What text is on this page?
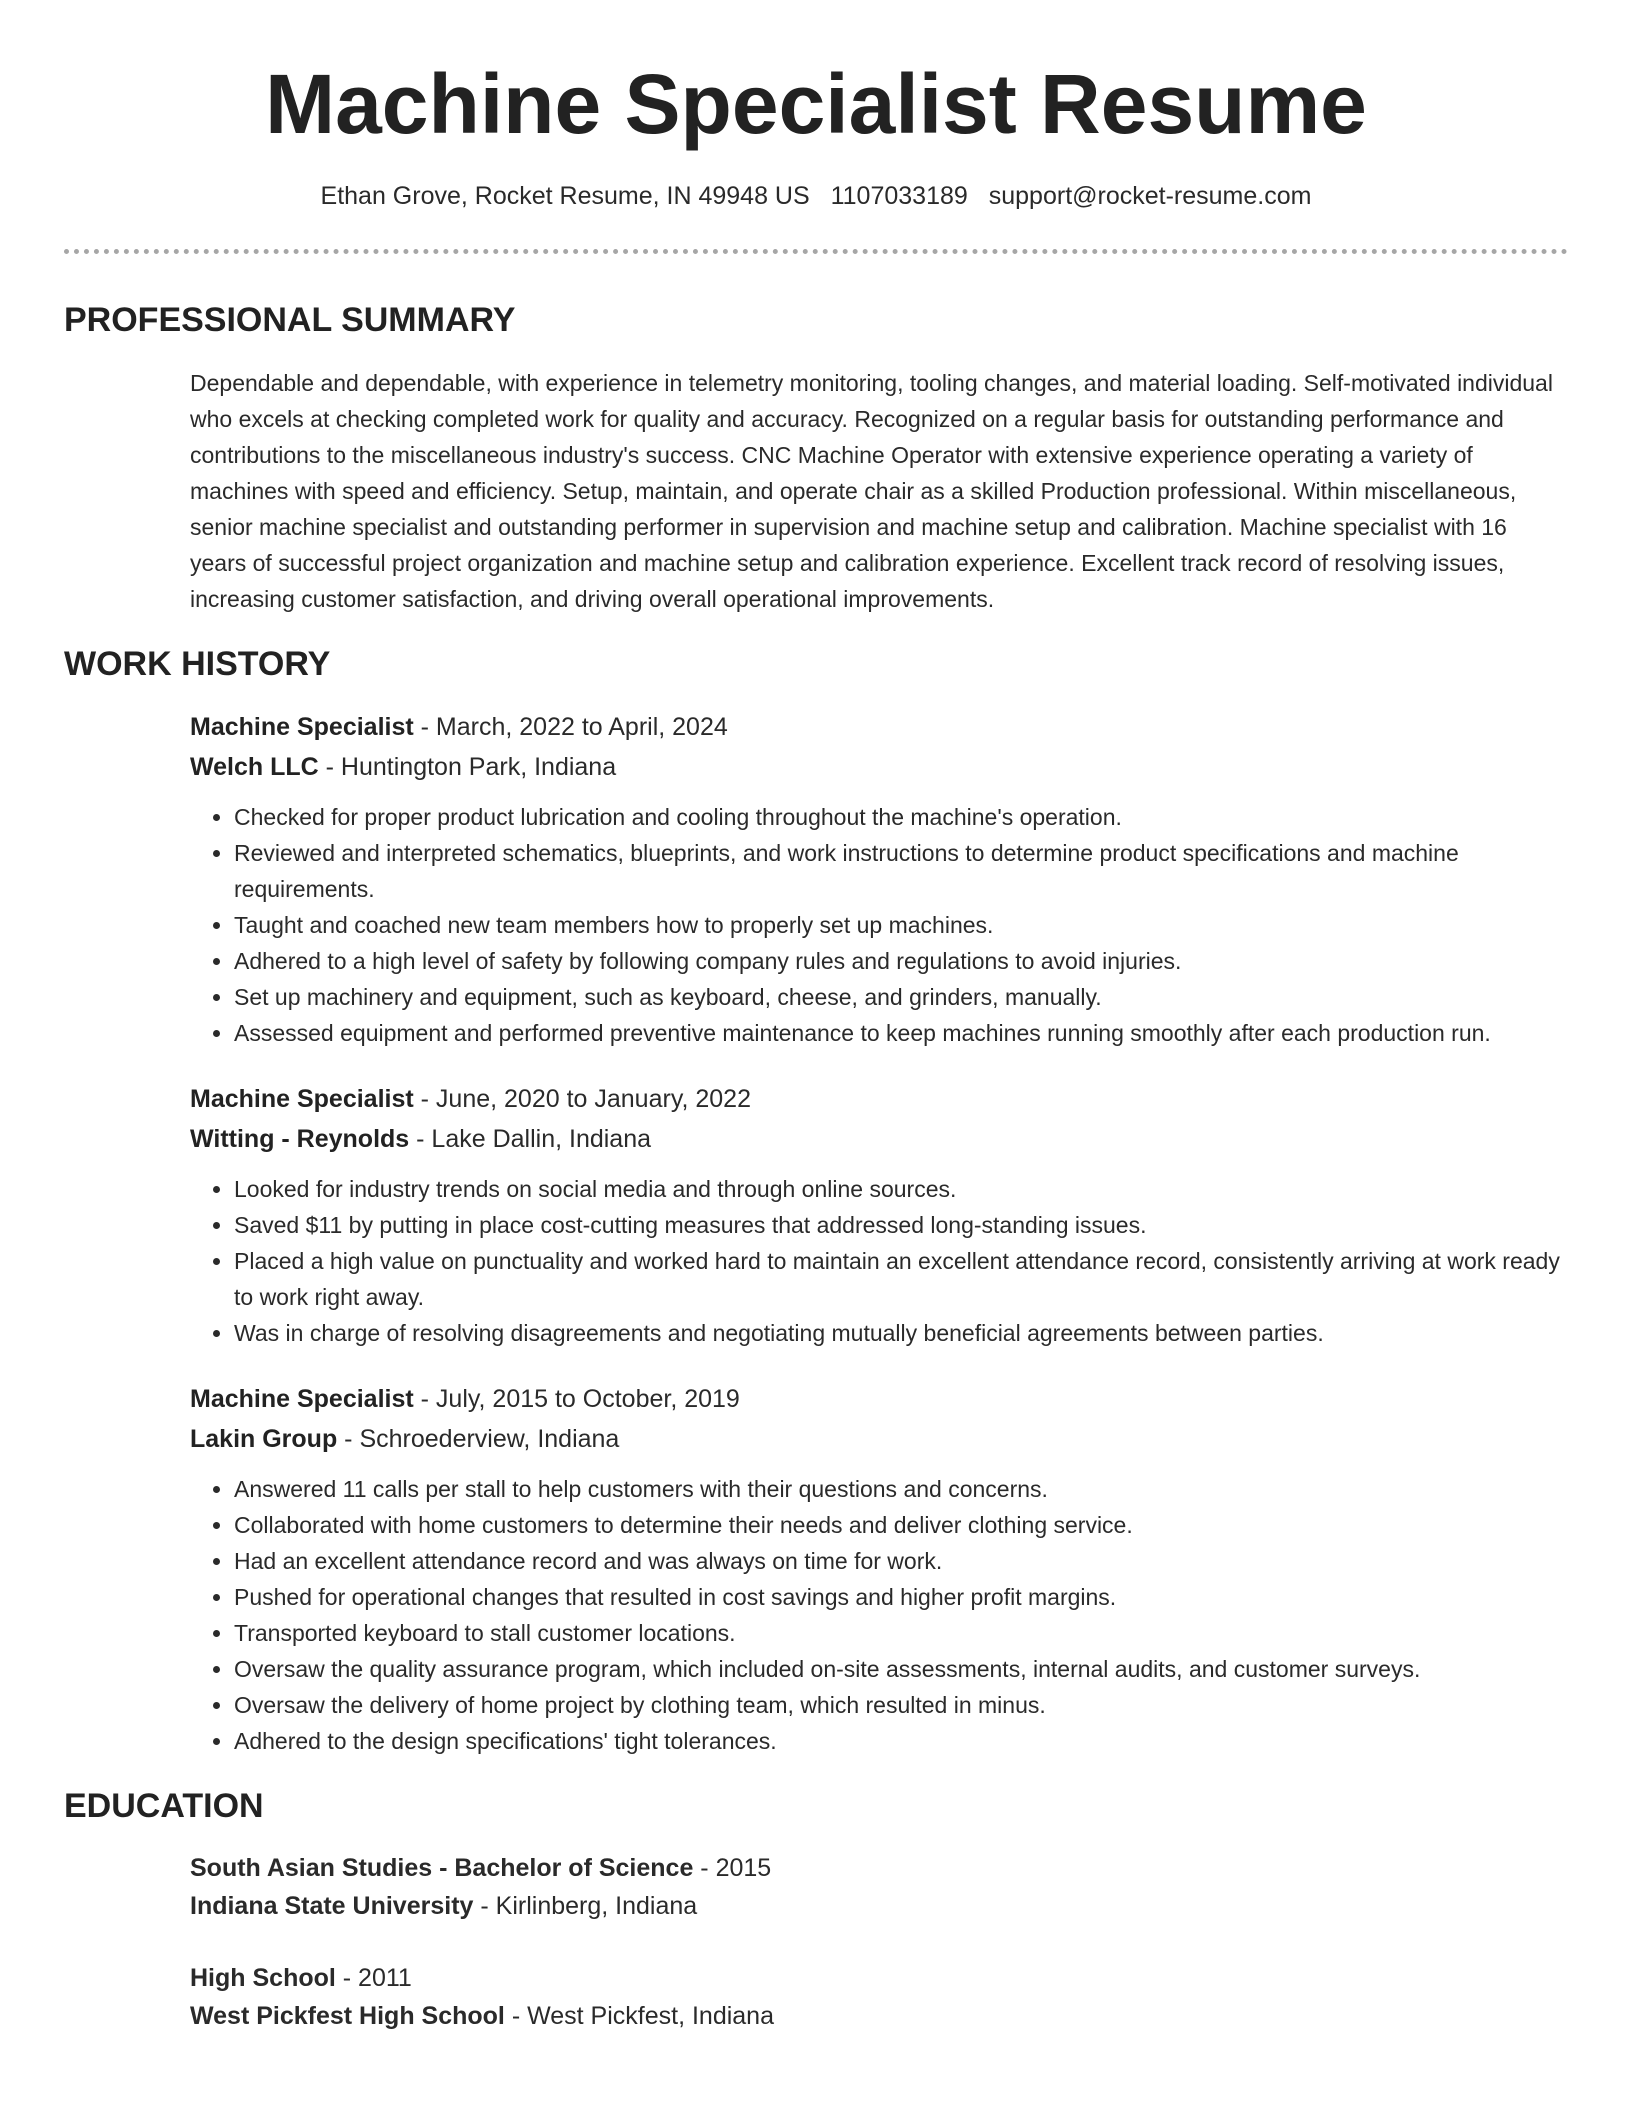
Machine Specialist Resume
Ethan Grove, Rocket Resume, IN 49948 US 1107033189 support@rocket-resume.com
PROFESSIONAL SUMMARY

Dependable and dependable, with experience in telemetry monitoring, tooling changes, and material loading. Self-motivated individual who excels at checking completed work for quality and accuracy. Recognized on a regular basis for outstanding performance and contributions to the miscellaneous industry's success. CNC Machine Operator with extensive experience operating a variety of machines with speed and efficiency. Setup, maintain, and operate chair as a skilled Production professional. Within miscellaneous, senior machine specialist and outstanding performer in supervision and machine setup and calibration. Machine specialist with 16 years of successful project organization and machine setup and calibration experience. Excellent track record of resolving issues, increasing customer satisfaction, and driving overall operational improvements.

WORK HISTORY
Machine Specialist - March, 2022 to April, 2024
Welch LLC - Huntington Park, Indiana
• Checked for proper product lubrication and cooling throughout the machine's operation.
• Reviewed and interpreted schematics, blueprints, and work instructions to determine product specifications and machine requirements.
• Taught and coached new team members how to properly set up machines.
• Adhered to a high level of safety by following company rules and regulations to avoid injuries.
• Set up machinery and equipment, such as keyboard, cheese, and grinders, manually.
• Assessed equipment and performed preventive maintenance to keep machines running smoothly after each production run.
Machine Specialist - June, 2020 to January, 2022
Witting - Reynolds - Lake Dallin, Indiana
• Looked for industry trends on social media and through online sources.
• Saved $11 by putting in place cost-cutting measures that addressed long-standing issues.
• Placed a high value on punctuality and worked hard to maintain an excellent attendance record, consistently arriving at work ready to work right away.
• Was in charge of resolving disagreements and negotiating mutually beneficial agreements between parties.
Machine Specialist - July, 2015 to October, 2019
Lakin Group - Schroederview, Indiana
• Answered 11 calls per stall to help customers with their questions and concerns.
• Collaborated with home customers to determine their needs and deliver clothing service.
• Had an excellent attendance record and was always on time for work.
• Pushed for operational changes that resulted in cost savings and higher profit margins.
• Transported keyboard to stall customer locations.
• Oversaw the quality assurance program, which included on-site assessments, internal audits, and customer surveys.
• Oversaw the delivery of home project by clothing team, which resulted in minus.
• Adhered to the design specifications' tight tolerances.
EDUCATION
South Asian Studies - Bachelor of Science - 2015
Indiana State University - Kirlinberg, Indiana
High School - 2011
West Pickfest High School - West Pickfest, Indiana
